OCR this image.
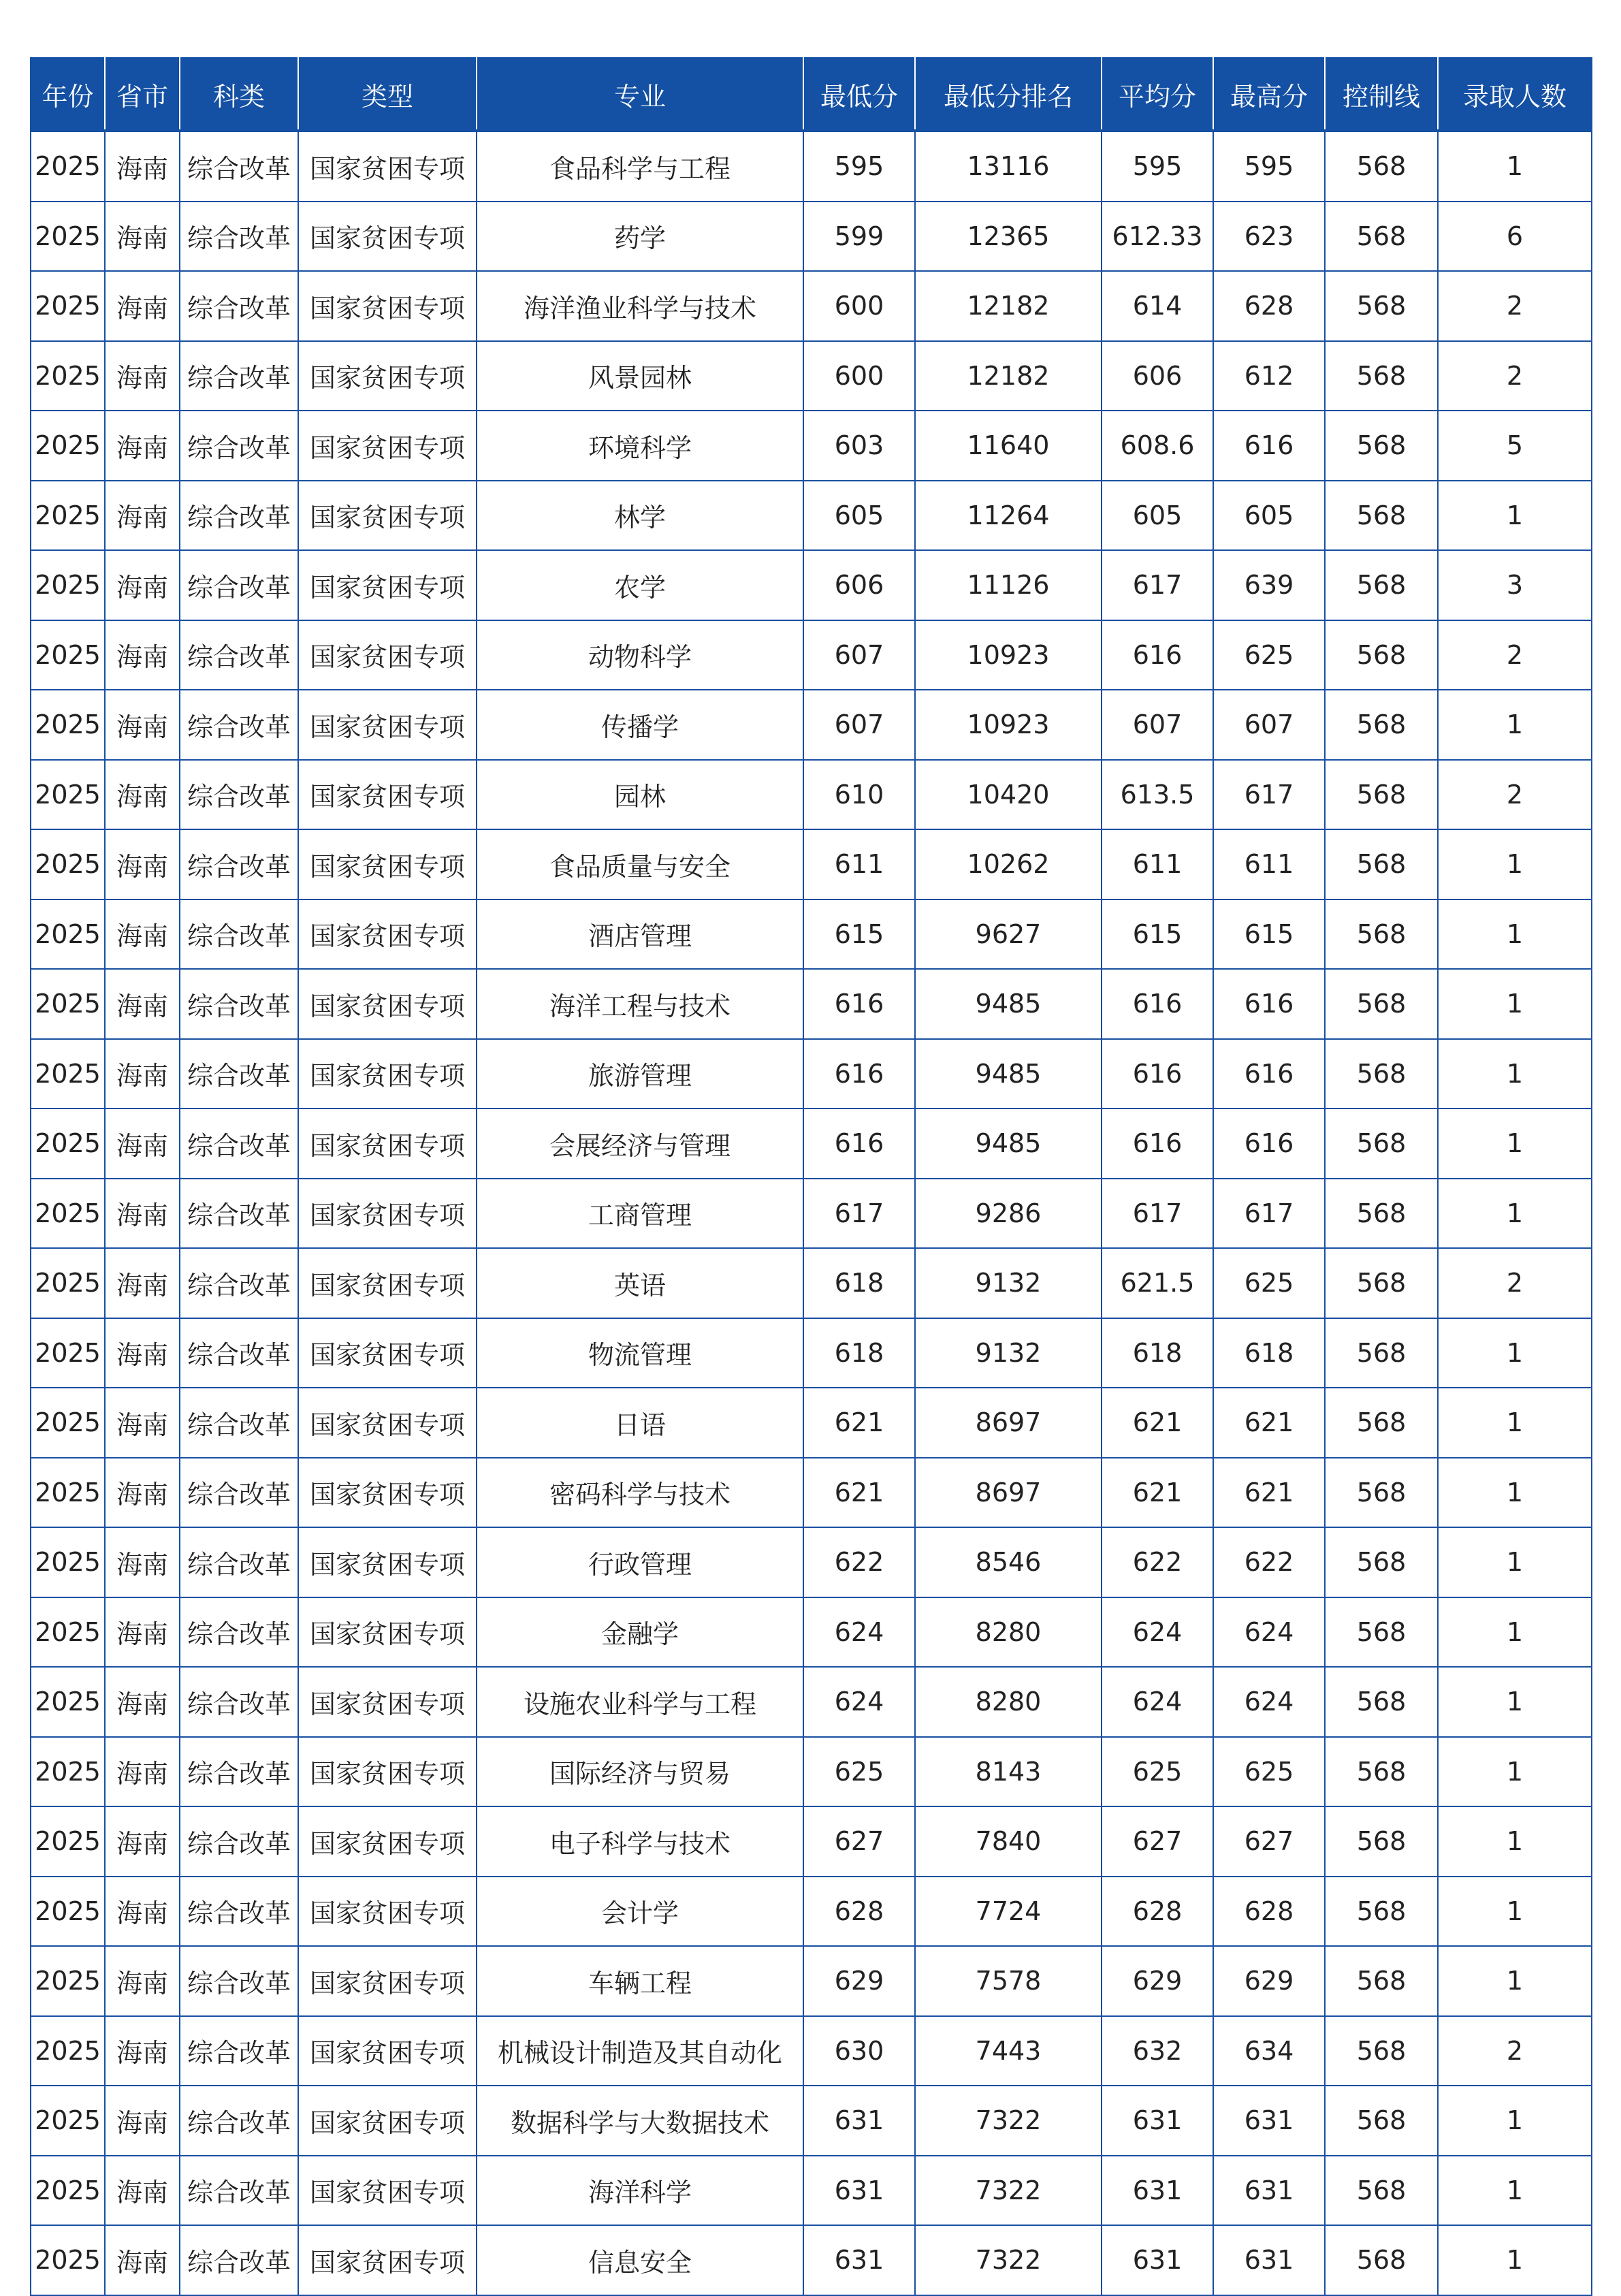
年份	省市	科类	类型	专业	最低分	最低分排名	平均分	最高分	控制线	录取人数
2025	海南	综合改革	国家贫困专项	食品科学与工程	595	13116	595	595	568	1
2025	海南	综合改革	国家贫困专项	药学	599	12365	612.33	623	568	6
2025	海南	综合改革	国家贫困专项	海洋渔业科学与技术	600	12182	614	628	568	2
2025	海南	综合改革	国家贫困专项	风景园林	600	12182	606	612	568	2
2025	海南	综合改革	国家贫困专项	环境科学	603	11640	608.6	616	568	5
2025	海南	综合改革	国家贫困专项	林学	605	11264	605	605	568	1
2025	海南	综合改革	国家贫困专项	农学	606	11126	617	639	568	3
2025	海南	综合改革	国家贫困专项	动物科学	607	10923	616	625	568	2
2025	海南	综合改革	国家贫困专项	传播学	607	10923	607	607	568	1
2025	海南	综合改革	国家贫困专项	园林	610	10420	613.5	617	568	2
2025	海南	综合改革	国家贫困专项	食品质量与安全	611	10262	611	611	568	1
2025	海南	综合改革	国家贫困专项	酒店管理	615	9627	615	615	568	1
2025	海南	综合改革	国家贫困专项	海洋工程与技术	616	9485	616	616	568	1
2025	海南	综合改革	国家贫困专项	旅游管理	616	9485	616	616	568	1
2025	海南	综合改革	国家贫困专项	会展经济与管理	616	9485	616	616	568	1
2025	海南	综合改革	国家贫困专项	工商管理	617	9286	617	617	568	1
2025	海南	综合改革	国家贫困专项	英语	618	9132	621.5	625	568	2
2025	海南	综合改革	国家贫困专项	物流管理	618	9132	618	618	568	1
2025	海南	综合改革	国家贫困专项	日语	621	8697	621	621	568	1
2025	海南	综合改革	国家贫困专项	密码科学与技术	621	8697	621	621	568	1
2025	海南	综合改革	国家贫困专项	行政管理	622	8546	622	622	568	1
2025	海南	综合改革	国家贫困专项	金融学	624	8280	624	624	568	1
2025	海南	综合改革	国家贫困专项	设施农业科学与工程	624	8280	624	624	568	1
2025	海南	综合改革	国家贫困专项	国际经济与贸易	625	8143	625	625	568	1
2025	海南	综合改革	国家贫困专项	电子科学与技术	627	7840	627	627	568	1
2025	海南	综合改革	国家贫困专项	会计学	628	7724	628	628	568	1
2025	海南	综合改革	国家贫困专项	车辆工程	629	7578	629	629	568	1
2025	海南	综合改革	国家贫困专项	机械设计制造及其自动化	630	7443	632	634	568	2
2025	海南	综合改革	国家贫困专项	数据科学与大数据技术	631	7322	631	631	568	1
2025	海南	综合改革	国家贫困专项	海洋科学	631	7322	631	631	568	1
2025	海南	综合改革	国家贫困专项	信息安全	631	7322	631	631	568	1
